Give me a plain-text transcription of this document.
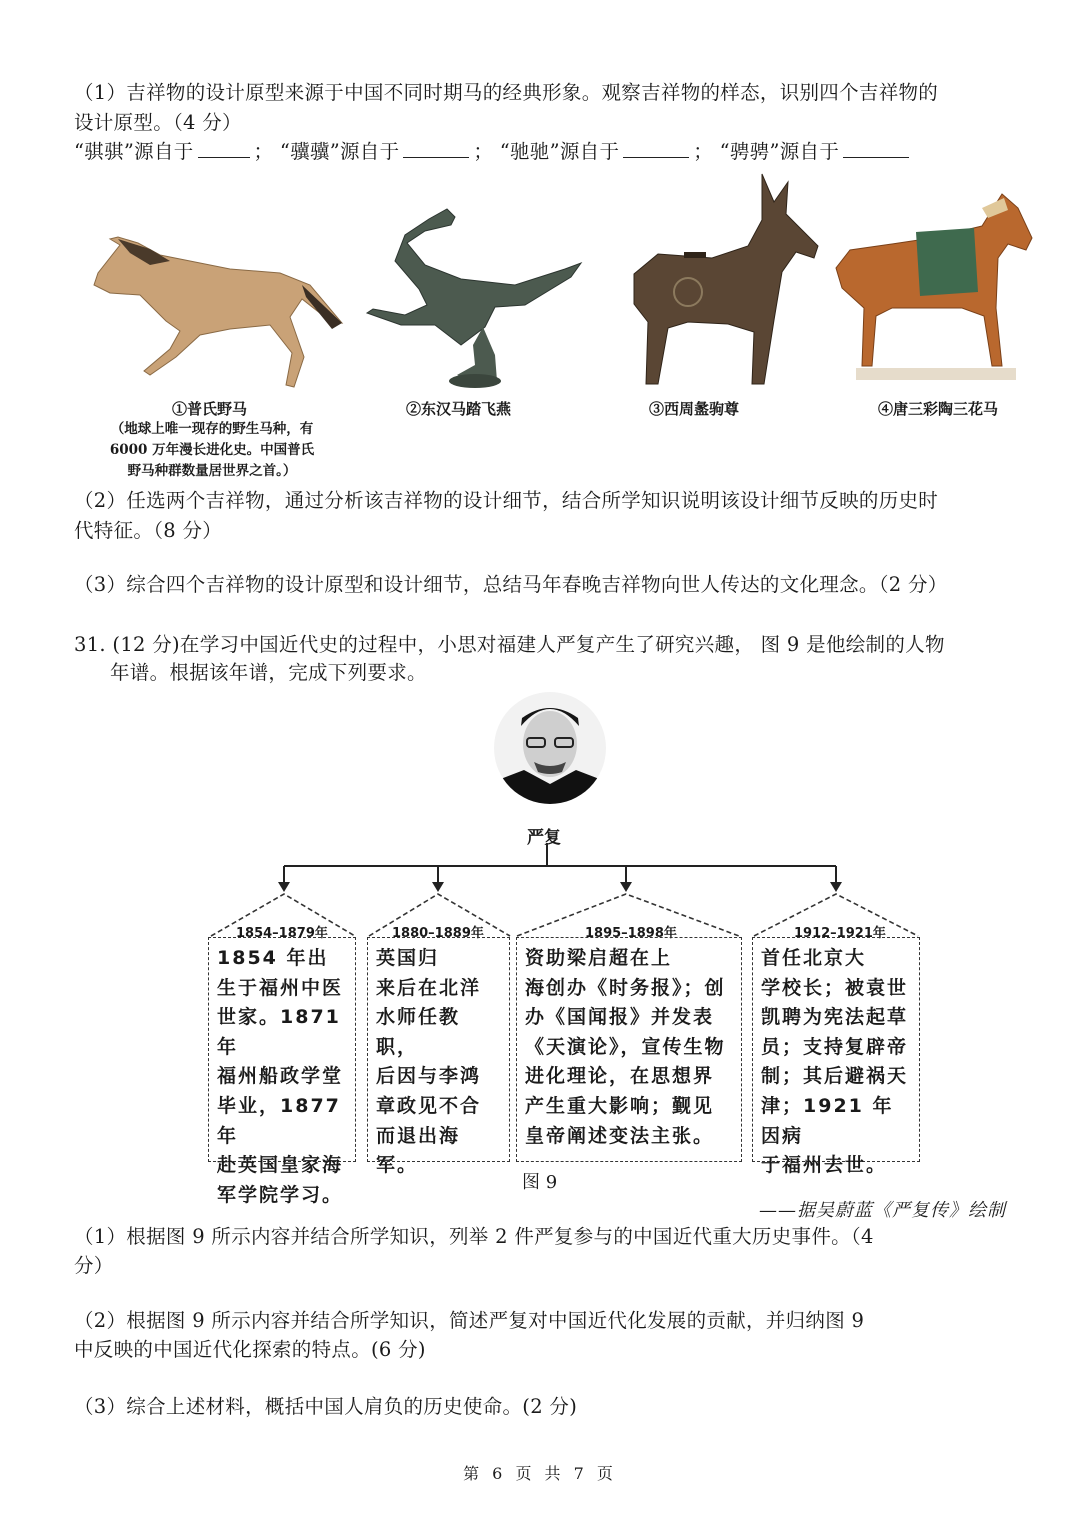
（1）吉祥物的设计原型来源于中国不同时期马的经典形象。观察吉祥物的样态，识别四个吉祥物的
设计原型。（4 分）
“骐骐”源自于	； “骥骥”源自于	； “驰驰”源自于	； “骋骋”源自于
①普氏野马
（地球上唯一现存的野生马种，有
6000 万年漫长进化史。中国普氏
野马种群数量居世界之首。）
②东汉马踏飞燕	③西周盠驹尊	④唐三彩陶三花马
（2）任选两个吉祥物，通过分析该吉祥物的设计细节，结合所学知识说明该设计细节反映的历史时
代特征。（8 分）
（3）综合四个吉祥物的设计原型和设计细节，总结马年春晚吉祥物向世人传达的文化理念。（2 分）
31. (12 分)在学习中国近代史的过程中，小思对福建人严复产生了研究兴趣， 图 9 是他绘制的人物
年谱。根据该年谱，完成下列要求。
严复
1854–1879年	1880–1889年	1895–1898年	1912–1921年
1854 年出
生于福州中医
世家。1871 年
福州船政学堂
毕业，1877 年
赴英国皇家海
军学院学习。
英国归
来后在北洋
水师任教职，
后因与李鸿
章政见不合
而退出海军。
资助梁启超在上
海创办《时务报》；创
办《国闻报》并发表
《天演论》，宣传生物
进化理论，在思想界
产生重大影响；觐见
皇帝阐述变法主张。
首任北京大
学校长；被袁世
凯聘为宪法起草
员；支持复辟帝
制；其后避祸天
津；1921 年因病
于福州去世。
图 9
——据吴蔚蓝《严复传》绘制
（1）根据图 9 所示内容并结合所学知识，列举 2 件严复参与的中国近代重大历史事件。（4
分）
（2）根据图 9 所示内容并结合所学知识，简述严复对中国近代化发展的贡献，并归纳图 9
中反映的中国近代化探索的特点。(6 分)
（3）综合上述材料，概括中国人肩负的历史使命。(2 分)
第 6 页 共 7 页
